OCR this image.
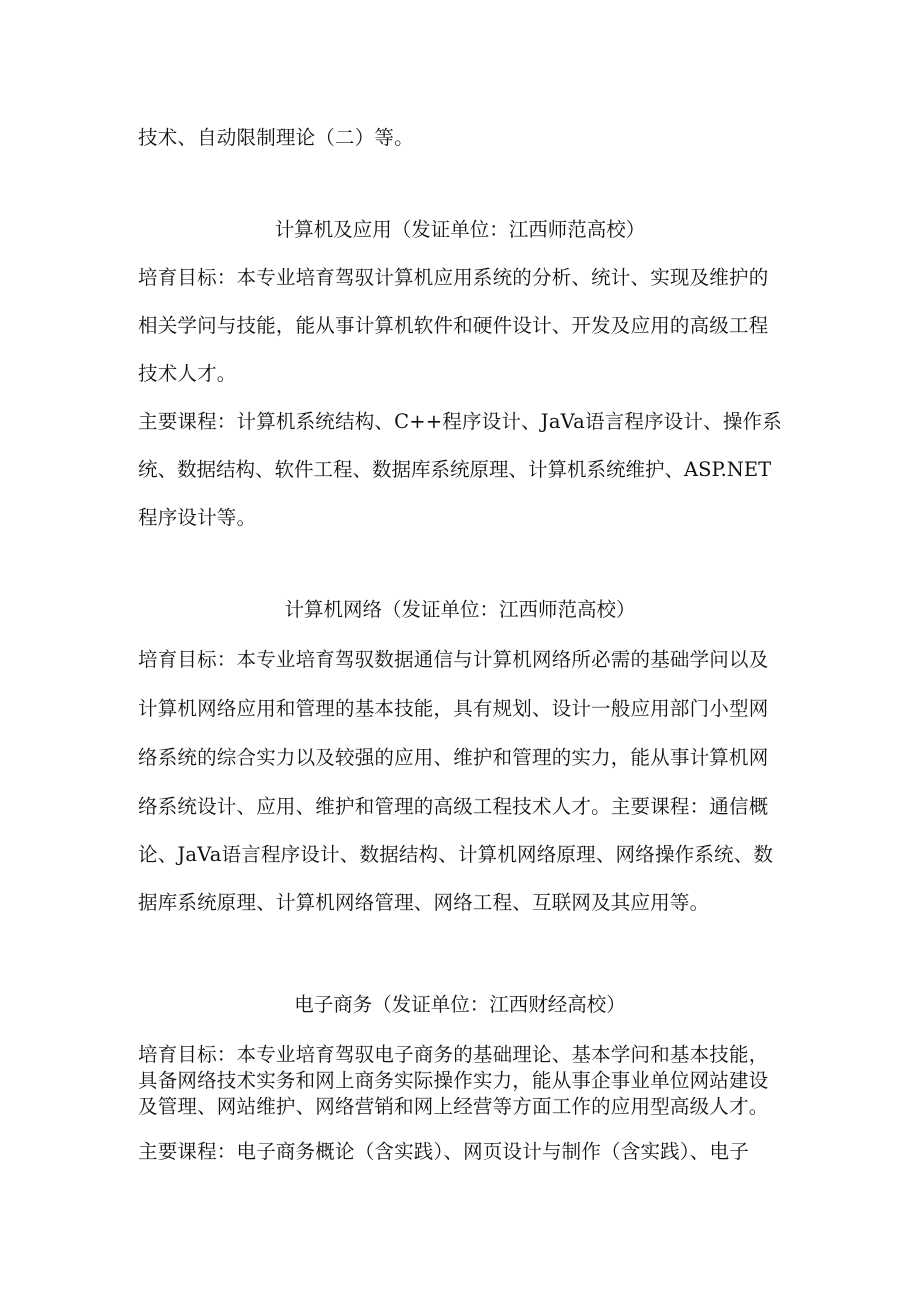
技术、自动限制理论（二）等。
计算机及应用（发证单位：江西师范高校）
培育目标：本专业培育驾驭计算机应用系统的分析、统计、实现及维护的
相关学问与技能，能从事计算机软件和硬件设计、开发及应用的高级工程
技术人才。
主要课程：计算机系统结构、C++程序设计、JaVa语言程序设计、操作系
统、数据结构、软件工程、数据库系统原理、计算机系统维护、ASP.NET
程序设计等。
计算机网络（发证单位：江西师范高校）
培育目标：本专业培育驾驭数据通信与计算机网络所必需的基础学问以及
计算机网络应用和管理的基本技能，具有规划、设计一般应用部门小型网
络系统的综合实力以及较强的应用、维护和管理的实力，能从事计算机网
络系统设计、应用、维护和管理的高级工程技术人才。主要课程：通信概
论、JaVa语言程序设计、数据结构、计算机网络原理、网络操作系统、数
据库系统原理、计算机网络管理、网络工程、互联网及其应用等。
电子商务（发证单位：江西财经高校）
培育目标：本专业培育驾驭电子商务的基础理论、基本学问和基本技能，
具备网络技术实务和网上商务实际操作实力，能从事企事业单位网站建设
及管理、网站维护、网络营销和网上经营等方面工作的应用型高级人才。
主要课程：电子商务概论（含实践）、网页设计与制作（含实践）、电子
